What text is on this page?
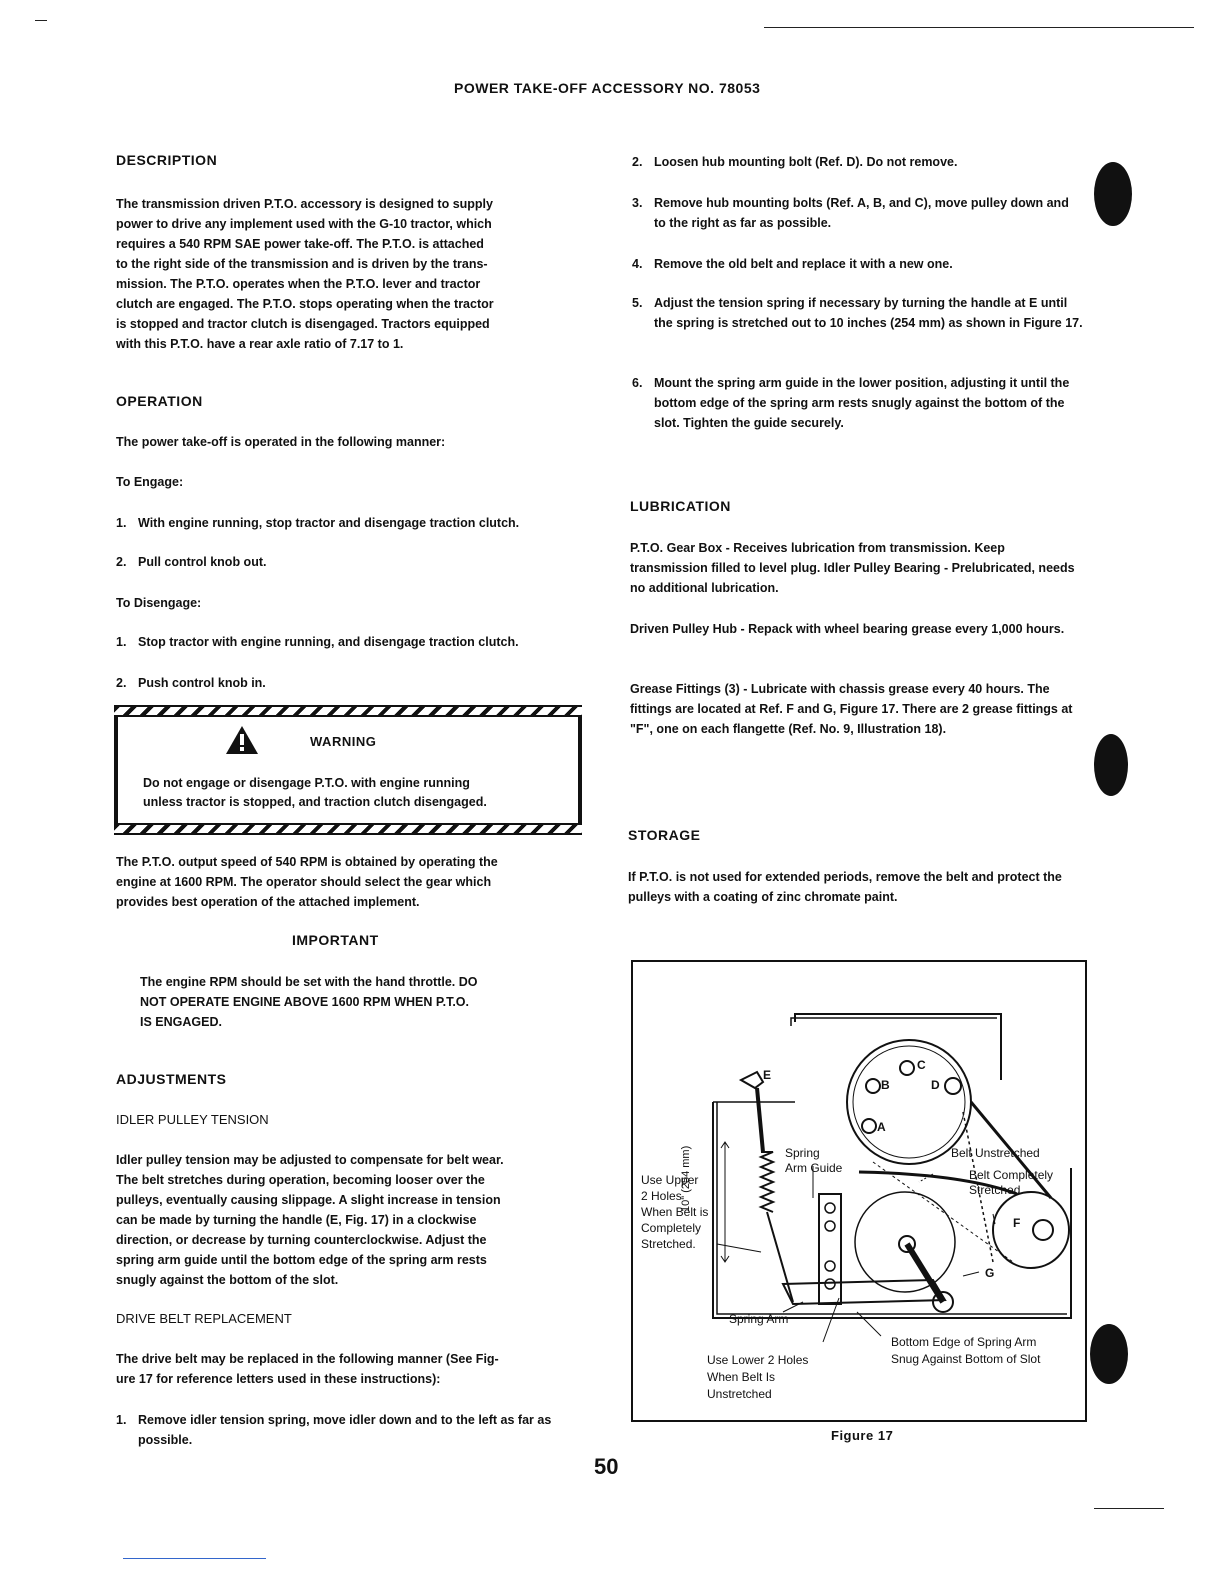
POWER TAKE-OFF ACCESSORY NO. 78053
DESCRIPTION
The transmission driven P.T.O. accessory is designed to supply
power to drive any implement used with the G-10 tractor, which
requires a 540 RPM SAE power take-off. The P.T.O. is attached
to the right side of the transmission and is driven by the trans-
mission. The P.T.O. operates when the P.T.O. lever and tractor
clutch are engaged. The P.T.O. stops operating when the tractor
is stopped and tractor clutch is disengaged. Tractors equipped
with this P.T.O. have a rear axle ratio of 7.17 to 1.
OPERATION
The power take-off is operated in the following manner:
To Engage:
1. With engine running, stop tractor and disengage traction clutch.
2. Pull control knob out.
To Disengage:
1. Stop tractor with engine running, and disengage traction clutch.
2. Push control knob in.
WARNING
Do not engage or disengage P.T.O. with engine running
unless tractor is stopped, and traction clutch disengaged.
The P.T.O. output speed of 540 RPM is obtained by operating the
engine at 1600 RPM. The operator should select the gear which
provides best operation of the attached implement.
IMPORTANT
The engine RPM should be set with the hand throttle. DO
NOT OPERATE ENGINE ABOVE 1600 RPM WHEN P.T.O.
IS ENGAGED.
ADJUSTMENTS
IDLER PULLEY TENSION
Idler pulley tension may be adjusted to compensate for belt wear.
The belt stretches during operation, becoming looser over the
pulleys, eventually causing slippage. A slight increase in tension
can be made by turning the handle (E, Fig. 17) in a clockwise
direction, or decrease by turning counterclockwise. Adjust the
spring arm guide until the bottom edge of the spring arm rests
snugly against the bottom of the slot.
DRIVE BELT REPLACEMENT
The drive belt may be replaced in the following manner (See Fig-
ure 17 for reference letters used in these instructions):
1. Remove idler tension spring, move idler down and to the left as far as possible.
2. Loosen hub mounting bolt (Ref. D). Do not remove.
3. Remove hub mounting bolts (Ref. A, B, and C), move pulley down and to the right as far as possible.
4. Remove the old belt and replace it with a new one.
5. Adjust the tension spring if necessary by turning the handle at E until the spring is stretched out to 10 inches (254 mm) as shown in Figure 17.
6. Mount the spring arm guide in the lower position, adjusting it until the bottom edge of the spring arm rests snugly against the bottom of the slot. Tighten the guide securely.
LUBRICATION
P.T.O. Gear Box - Receives lubrication from transmission. Keep transmission filled to level plug. Idler Pulley Bearing - Prelubricated, needs no additional lubrication.
Driven Pulley Hub - Repack with wheel bearing grease every 1,000 hours.
Grease Fittings (3) - Lubricate with chassis grease every 40 hours. The fittings are located at Ref. F and G, Figure 17. There are 2 grease fittings at "F", one on each flangette (Ref. No. 9, Illustration 18).
STORAGE
If P.T.O. is not used for extended periods, remove the belt and protect the pulleys with a coating of zinc chromate paint.
E
B
C
D
A
F
G
Spring
Arm Guide
Belt Unstretched
Belt Completely
Stretched
Use Upper
2 Holes
When Belt is
Completely
Stretched.
10" (254 mm)
Spring Arm
Use Lower 2 Holes
When Belt Is
Unstretched
Bottom Edge of Spring Arm
Snug Against Bottom of Slot
Figure 17
50
